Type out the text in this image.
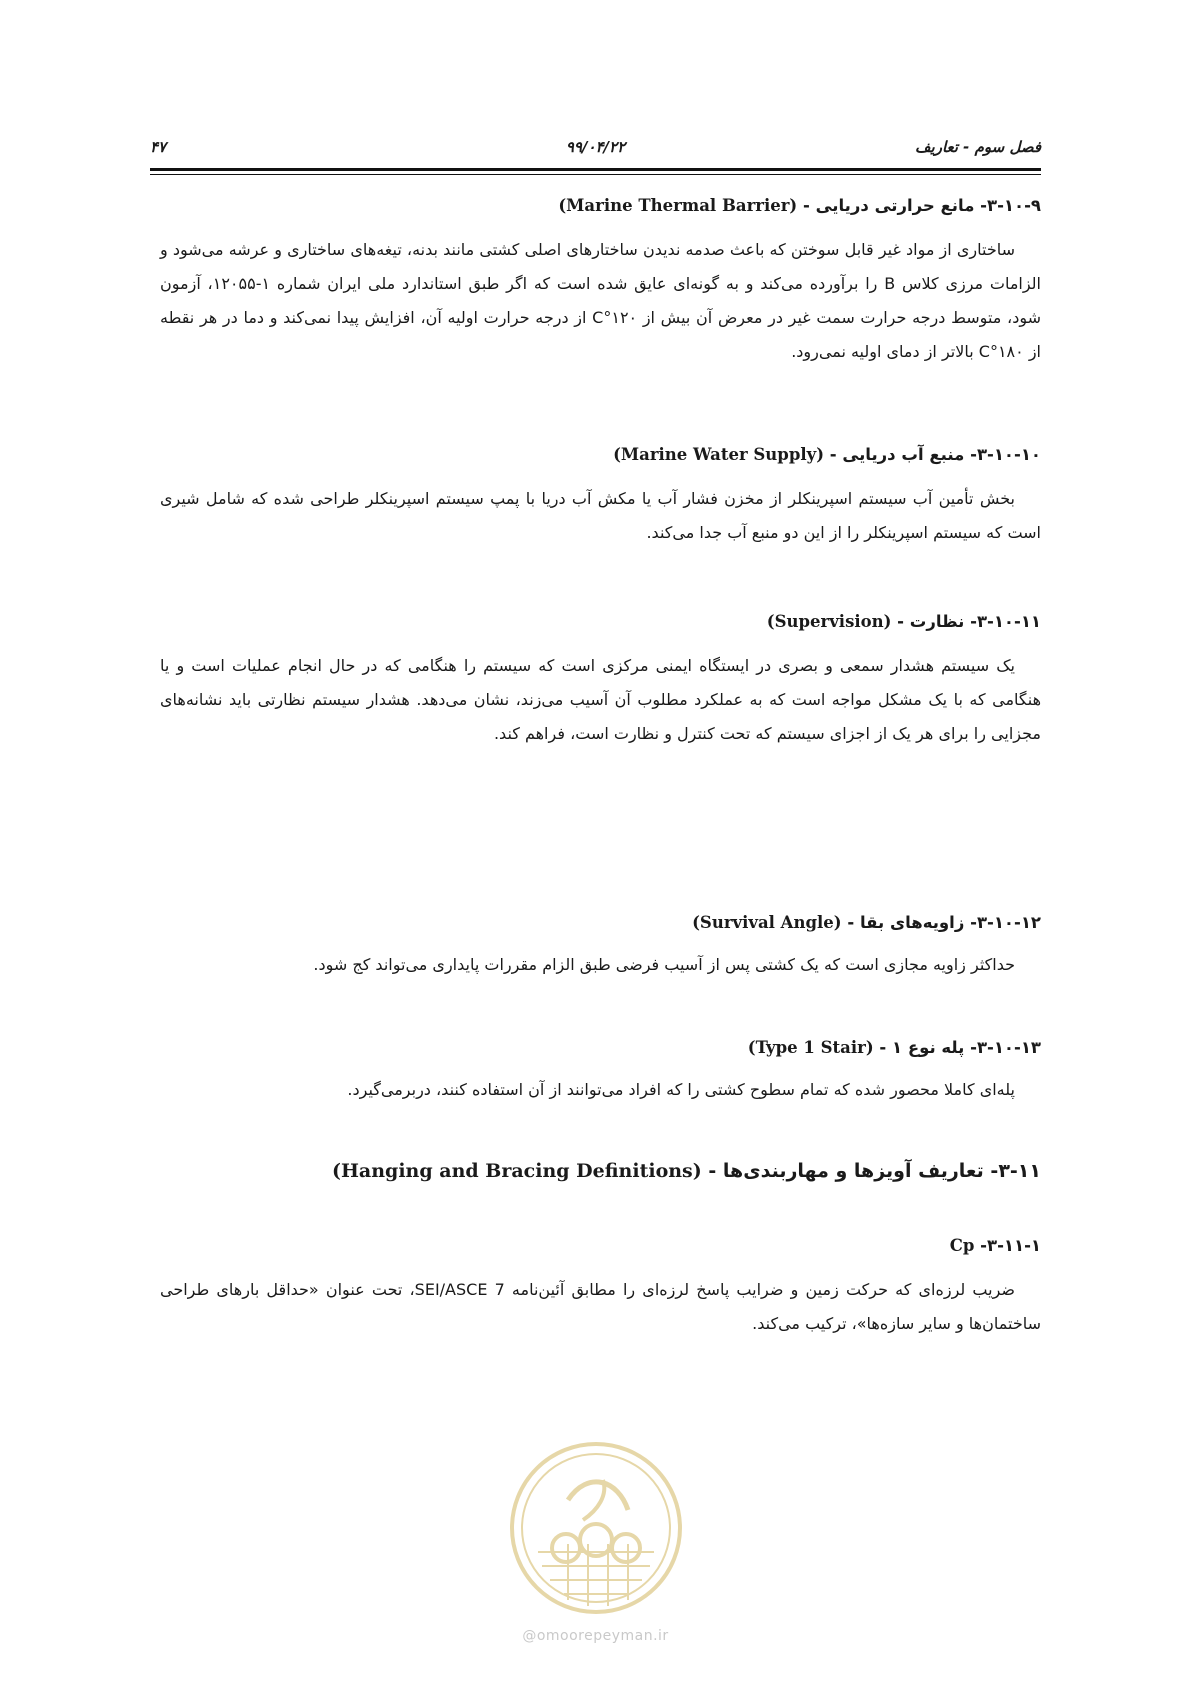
فصل سوم - تعاریف
۹۹/۰۴/۲۲
۴۷
۳-۱۰-۹- مانع حرارتی دریایی - (Marine Thermal Barrier)

ساختاری از مواد غیر قابل سوختن که باعث صدمه ندیدن ساختارهای اصلی کشتی مانند بدنه، تیغه‌های ساختاری و عرشه می‌شود و الزامات مرزی کلاس B را برآورده می‌کند و به گونه‌ای عایق شده است که اگر طبق استاندارد ملی ایران شماره ۱-۱۲۰۵۵، آزمون شود، متوسط درجه حرارت سمت غیر در معرض آن بیش از ۱۲۰°C از درجه حرارت اولیه آن، افزایش پیدا نمی‌کند و دما در هر نقطه از ۱۸۰°C بالاتر از دمای اولیه نمی‌رود.

۳-۱۰-۱۰- منبع آب دریایی - (Marine Water Supply)

بخش تأمین آب سیستم اسپرینکلر از مخزن فشار آب یا مکش آب دریا با پمپ سیستم اسپرینکلر طراحی شده که شامل شیری است که سیستم اسپرینکلر را از این دو منبع آب جدا می‌کند.

۳-۱۰-۱۱- نظارت - (Supervision)

یک سیستم هشدار سمعی و بصری در ایستگاه ایمنی مرکزی است که سیستم را هنگامی که در حال انجام عملیات است و یا هنگامی که با یک مشکل مواجه است که به عملکرد مطلوب آن آسیب می‌زند، نشان می‌دهد. هشدار سیستم نظارتی باید نشانه‌های مجزایی را برای هر یک از اجزای سیستم که تحت کنترل و نظارت است، فراهم کند.

۳-۱۰-۱۲- زاویه‌های بقا - (Survival Angle)

حداکثر زاویه مجازی است که یک کشتی پس از آسیب فرضی طبق الزام مقررات پایداری می‌تواند کج شود.

۳-۱۰-۱۳- پله نوع ۱ - (Type 1 Stair)

پله‌ای کاملا محصور شده که تمام سطوح کشتی را که افراد می‌توانند از آن استفاده کنند، دربرمی‌گیرد.

۳-۱۱- تعاریف آویزها و مهاربندی‌ها - (Hanging and Bracing Definitions)
۳-۱۱-۱- Cp

ضریب لرزه‌ای که حرکت زمین و ضرایب پاسخ لرزه‌ای را مطابق آئین‌نامه SEI/ASCE 7، تحت عنوان «حداقل بارهای طراحی ساختمان‌ها و سایر سازه‌ها»، ترکیب می‌کند.

@omoorepeyman.ir
